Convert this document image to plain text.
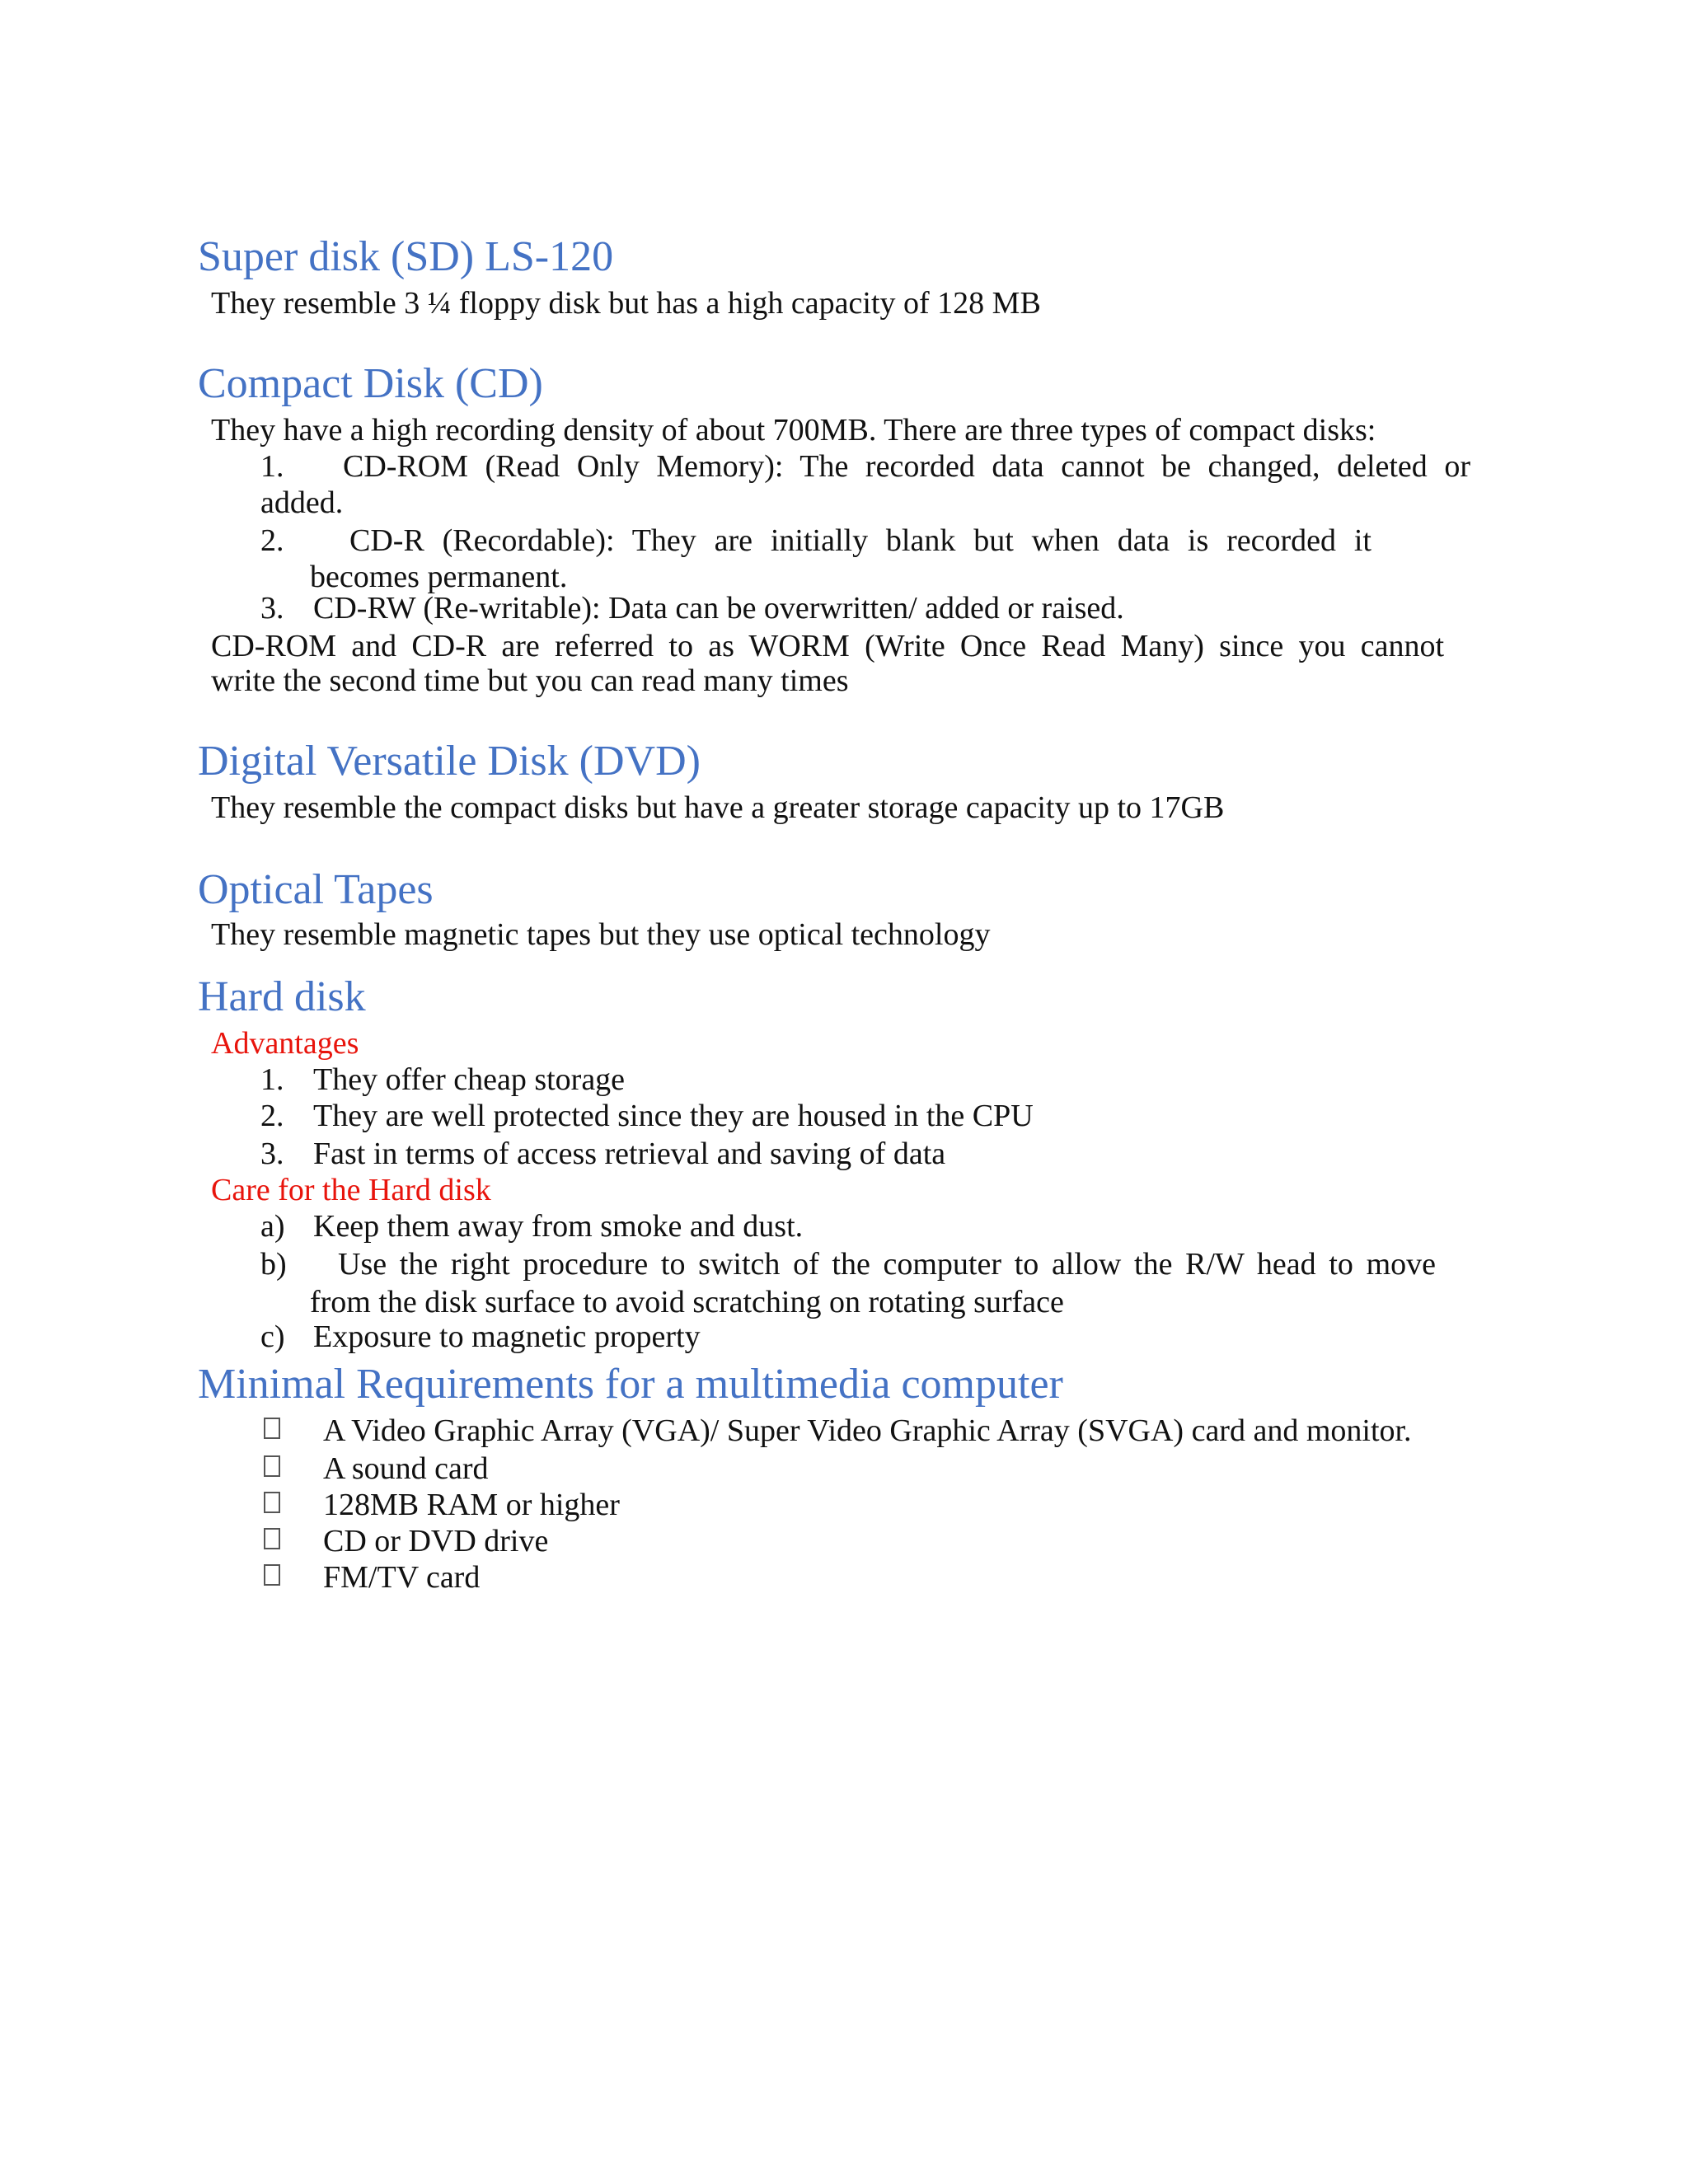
Super disk (SD) LS-120

They resemble 3 ¼ floppy disk but has a high capacity of 128 MB

Compact Disk (CD)

They have a high recording density of about 700MB. There are three types of compact disks:

1. CD-ROM (Read Only Memory): The recorded data cannot be changed, deleted or

added.

2. CD-R (Recordable): They are initially blank but when data is recorded it

becomes permanent.

3. CD-RW (Re-writable): Data can be overwritten/ added or raised.

CD-ROM and CD-R are referred to as WORM (Write Once Read Many) since you cannot

write the second time but you can read many times

Digital Versatile Disk (DVD)

They resemble the compact disks but have a greater storage capacity up to 17GB

Optical Tapes

They resemble magnetic tapes but they use optical technology

Hard disk

Advantages

1. They offer cheap storage

2. They are well protected since they are housed in the CPU

3. Fast in terms of access retrieval and saving of data

Care for the Hard disk

a) Keep them away from smoke and dust.

b) Use the right procedure to switch of the computer to allow the R/W head to move

from the disk surface to avoid scratching on rotating surface

c) Exposure to magnetic property

Minimal Requirements for a multimedia computer

A Video Graphic Array (VGA)/ Super Video Graphic Array (SVGA) card and monitor.

A sound card

128MB RAM or higher

CD or DVD drive

FM/TV card
